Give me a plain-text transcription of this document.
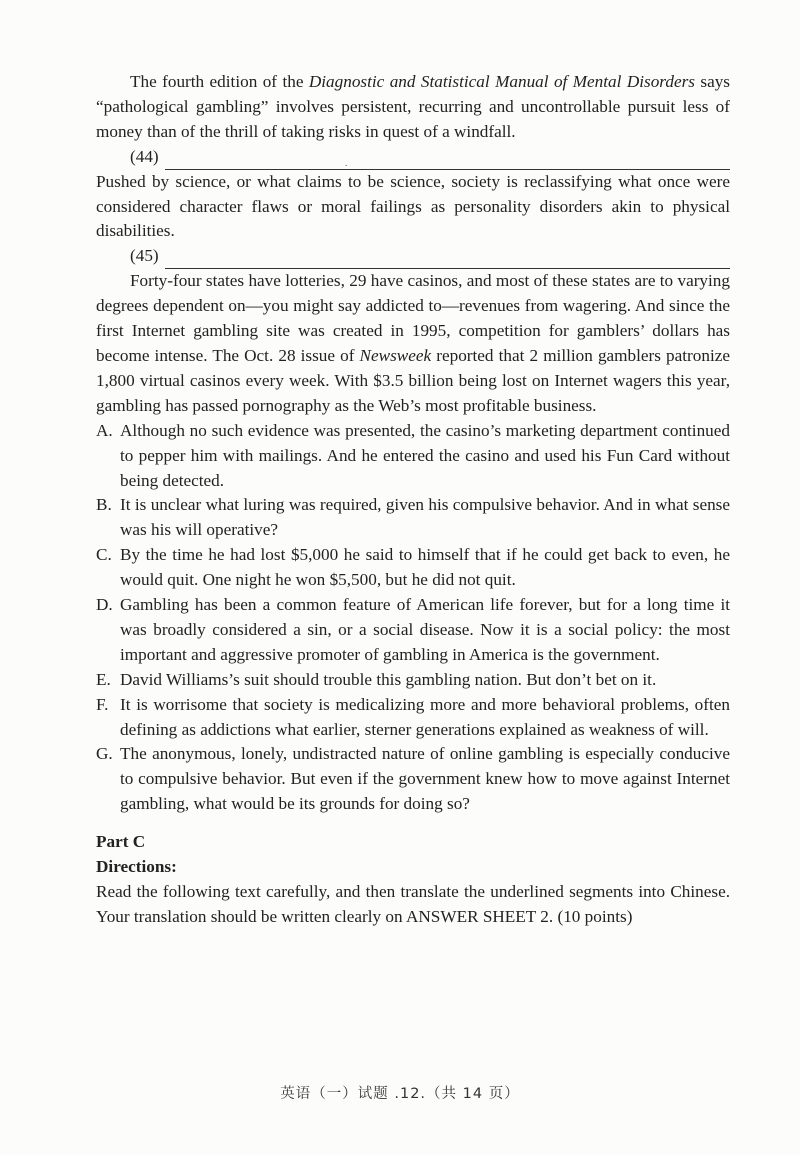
The fourth edition of the Diagnostic and Statistical Manual of Mental Disorders says “pathological gambling” involves persistent, recurring and uncontrollable pursuit less of money than of the thrill of taking risks in quest of a windfall.

(44)	․

Pushed by science, or what claims to be science, society is reclassifying what once were considered character flaws or moral failings as personality disorders akin to physical disabilities.

(45)

Forty-four states have lotteries, 29 have casinos, and most of these states are to varying degrees dependent on—you might say addicted to—revenues from wagering. And since the first Internet gambling site was created in 1995, competition for gamblers’ dollars has become intense. The Oct. 28 issue of Newsweek reported that 2 million gamblers patronize 1,800 virtual casinos every week. With $3.5 billion being lost on Internet wagers this year, gambling has passed pornography as the Web’s most profitable business.

A. Although no such evidence was presented, the casino’s marketing department continued to pepper him with mailings. And he entered the casino and used his Fun Card without being detected.
B. It is unclear what luring was required, given his compulsive behavior. And in what sense was his will operative?
C. By the time he had lost $5,000 he said to himself that if he could get back to even, he would quit. One night he won $5,500, but he did not quit.
D. Gambling has been a common feature of American life forever, but for a long time it was broadly considered a sin, or a social disease. Now it is a social policy: the most important and aggressive promoter of gambling in America is the government.
E. David Williams’s suit should trouble this gambling nation. But don’t bet on it.
F. It is worrisome that society is medicalizing more and more behavioral problems, often defining as addictions what earlier, sterner generations explained as weakness of will.
G. The anonymous, lonely, undistracted nature of online gambling is especially conducive to compulsive behavior. But even if the government knew how to move against Internet gambling, what would be its grounds for doing so?

Part C

Directions:

Read the following text carefully, and then translate the underlined segments into Chinese. Your translation should be written clearly on ANSWER SHEET 2. (10 points)

英语（一）试题 .12.（共 14 页）
